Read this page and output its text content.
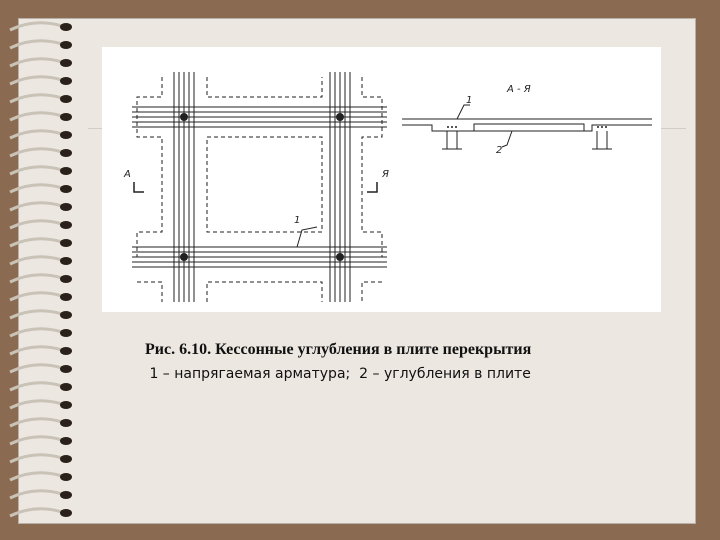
А	Я
1
А - Я
1
2
Рис. 6.10. Кессонные углубления в плите перекрытия
1 – напрягаемая арматура;  2 – углубления в плите
